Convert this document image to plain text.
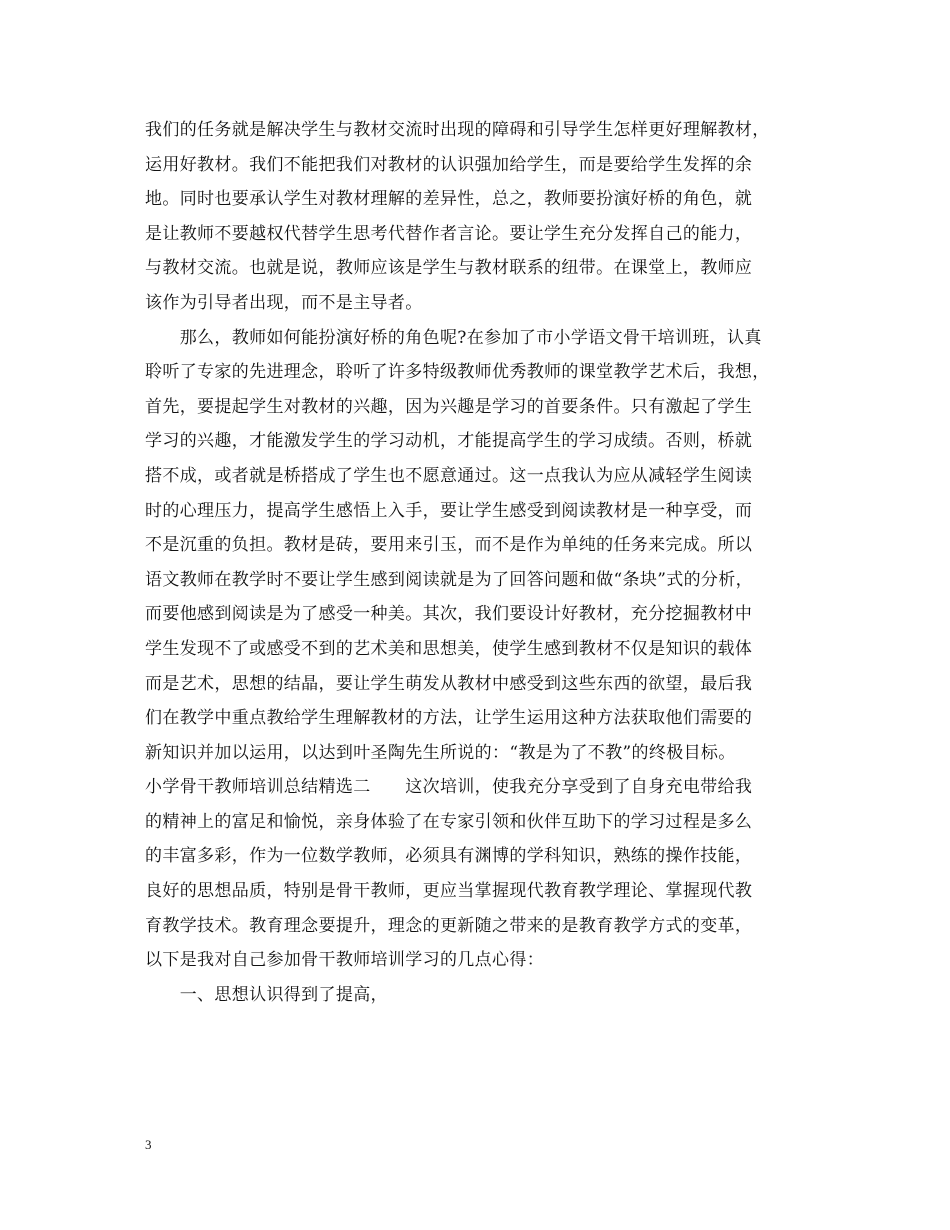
我们的任务就是解决学生与教材交流时出现的障碍和引导学生怎样更好理解教材，
运用好教材。我们不能把我们对教材的认识强加给学生，而是要给学生发挥的余
地。同时也要承认学生对教材理解的差异性，总之，教师要扮演好桥的角色，就
是让教师不要越权代替学生思考代替作者言论。要让学生充分发挥自己的能力，
与教材交流。也就是说，教师应该是学生与教材联系的纽带。在课堂上，教师应
该作为引导者出现，而不是主导者。
　　那么，教师如何能扮演好桥的角色呢?在参加了市小学语文骨干培训班，认真
聆听了专家的先进理念，聆听了许多特级教师优秀教师的课堂教学艺术后，我想，
首先，要提起学生对教材的兴趣，因为兴趣是学习的首要条件。只有激起了学生
学习的兴趣，才能激发学生的学习动机，才能提高学生的学习成绩。否则，桥就
搭不成，或者就是桥搭成了学生也不愿意通过。这一点我认为应从减轻学生阅读
时的心理压力，提高学生感悟上入手，要让学生感受到阅读教材是一种享受，而
不是沉重的负担。教材是砖，要用来引玉，而不是作为单纯的任务来完成。所以
语文教师在教学时不要让学生感到阅读就是为了回答问题和做“条块”式的分析，
而要他感到阅读是为了感受一种美。其次，我们要设计好教材，充分挖掘教材中
学生发现不了或感受不到的艺术美和思想美，使学生感到教材不仅是知识的载体
而是艺术，思想的结晶，要让学生萌发从教材中感受到这些东西的欲望，最后我
们在教学中重点教给学生理解教材的方法，让学生运用这种方法获取他们需要的
新知识并加以运用，以达到叶圣陶先生所说的：“教是为了不教”的终极目标。
小学骨干教师培训总结精选二　　这次培训，使我充分享受到了自身充电带给我
的精神上的富足和愉悦，亲身体验了在专家引领和伙伴互助下的学习过程是多么
的丰富多彩，作为一位数学教师，必须具有渊博的学科知识，熟练的操作技能，
良好的思想品质，特别是骨干教师，更应当掌握现代教育教学理论、掌握现代教
育教学技术。教育理念要提升，理念的更新随之带来的是教育教学方式的变革，
以下是我对自己参加骨干教师培训学习的几点心得：
　　一、思想认识得到了提高，
3
